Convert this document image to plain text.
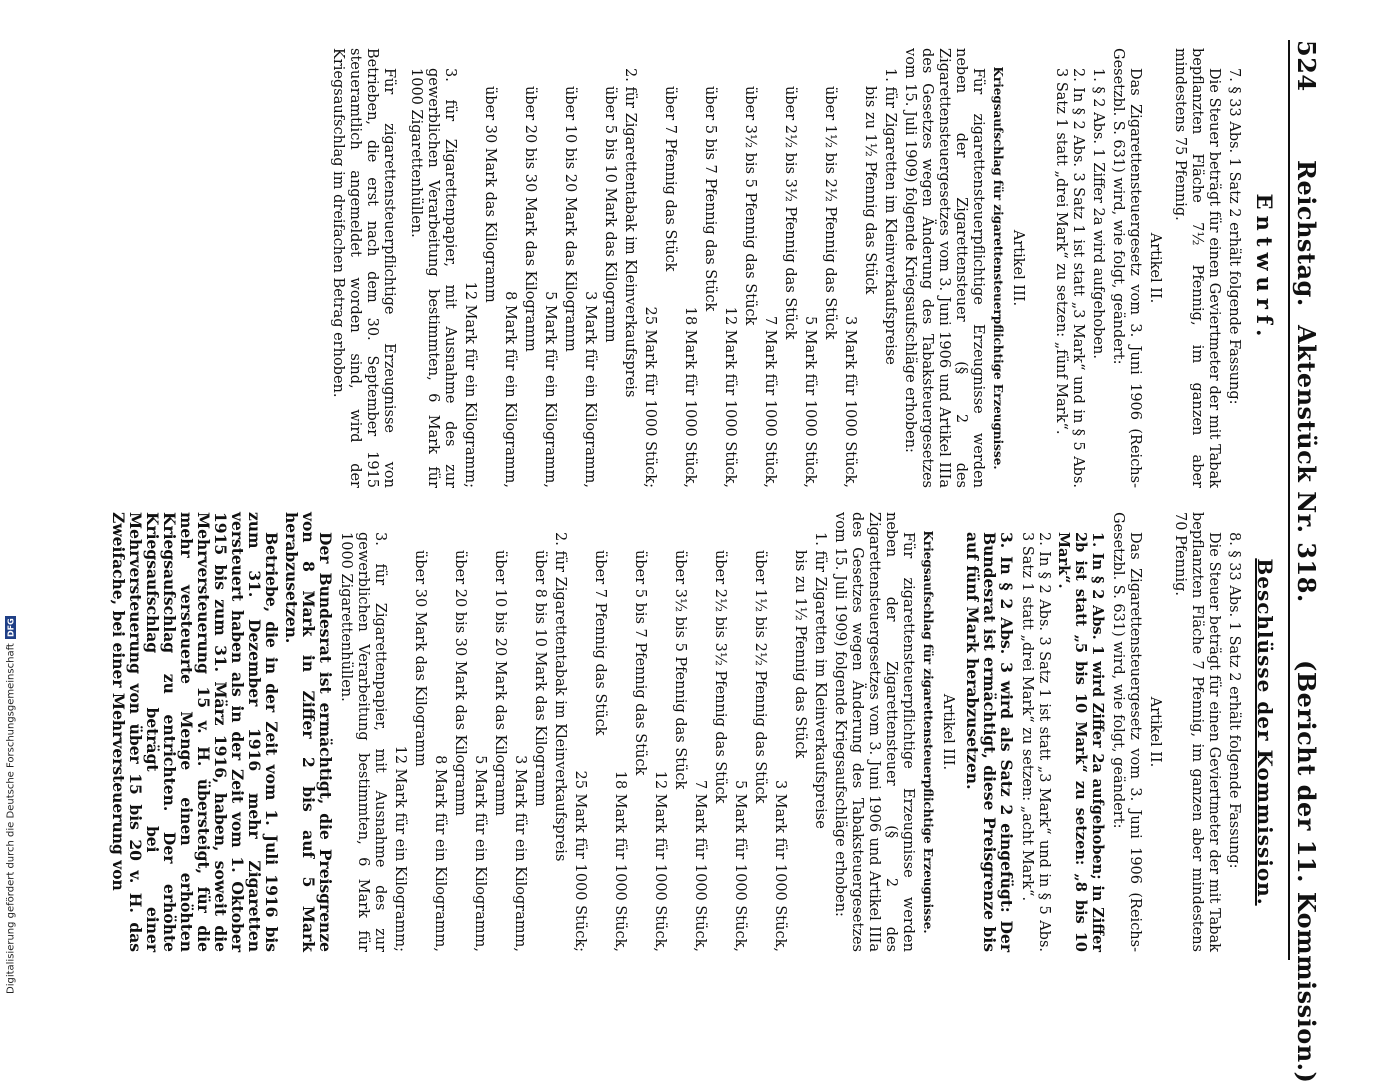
524
Reichstag.
Aktenstück Nr. 318.
(Bericht der 11. Kommission.)
Entwurf.

7. § 33 Abs. 1 Satz 2 erhält folgende Fassung:

Die Steuer beträgt für einen Geviertmeter der mit Tabak bepflanzten Fläche 7½ Pfennig, im ganzen aber mindestens 75 Pfennig.

Artikel II.

Das Zigarettensteuergesetz vom 3. Juni 1906 (Reichs-Gesetzbl. S. 631) wird, wie folgt, geändert:

1. § 2 Abs. 1 Ziffer 2a wird aufgehoben.

2. In § 2 Abs. 3 Satz 1 ist statt „3 Mark“ und in § 5 Abs. 3 Satz 1 statt „drei Mark“ zu setzen: „fünf Mark“.

Artikel III.

Kriegsaufschlag für zigarettensteuerpflichtige Erzeugnisse.

Für zigarettensteuerpflichtige Erzeugnisse werden neben der Zigarettensteuer (§ 2 des Zigarettensteuergesetzes vom 3. Juni 1906 und Artikel IIIa des Gesetzes wegen Änderung des Tabaksteuergesetzes vom 15. Juli 1909) folgende Kriegsaufschläge erhoben:

1. für Zigaretten im Kleinverkaufspreise

bis zu 1½ Pfennig das Stück

3 Mark für 1000 Stück,

über 1½ bis 2½ Pfennig das Stück

5 Mark für 1000 Stück,

über 2½ bis 3½ Pfennig das Stück

7 Mark für 1000 Stück,

über 3½ bis 5 Pfennig das Stück

12 Mark für 1000 Stück,

über 5 bis 7 Pfennig das Stück

18 Mark für 1000 Stück,

über 7 Pfennig das Stück

25 Mark für 1000 Stück;

2. für Zigarettentabak im Kleinverkaufspreis

über 5 bis 10 Mark das Kilogramm

3 Mark für ein Kilogramm,

über 10 bis 20 Mark das Kilogramm

5 Mark für ein Kilogramm,

über 20 bis 30 Mark das Kilogramm

8 Mark für ein Kilogramm,

über 30 Mark das Kilogramm

12 Mark für ein Kilogramm;

3. für Zigarettenpapier, mit Ausnahme des zur gewerblichen Verarbeitung bestimmten, 6 Mark für 1000 Zigarettenhüllen.

Für zigarettensteuerpflichtige Erzeugnisse von Betrieben, die erst nach dem 30. September 1915 steueramtlich angemeldet worden sind, wird der Kriegsaufschlag im dreifachen Betrag erhoben.

Beschlüsse der Kommission.

8. § 33 Abs. 1 Satz 2 erhält folgende Fassung:

Die Steuer beträgt für einen Geviertmeter der mit Tabak bepflanzten Fläche 7 Pfennig, im ganzen aber mindestens 70 Pfennig.

Artikel II.

Das Zigarettensteuergesetz vom 3. Juni 1906 (Reichs-Gesetzbl. S. 631) wird, wie folgt, geändert:

1. In § 2 Abs. 1 wird Ziffer 2a aufgehoben; in Ziffer 2b ist statt „5 bis 10 Mark“ zu setzen: „8 bis 10 Mark“.

2. In § 2 Abs. 3 Satz 1 ist statt „3 Mark“ und in § 5 Abs. 3 Satz 1 statt „drei Mark“ zu setzen: „acht Mark“.

3. In § 2 Abs. 3 wird als Satz 2 eingefügt: Der Bundesrat ist ermächtigt, diese Preisgrenze bis auf fünf Mark herabzusetzen.

Artikel III.

Kriegsaufschlag für zigarettensteuerpflichtige Erzeugnisse.

Für zigarettensteuerpflichtige Erzeugnisse werden neben der Zigarettensteuer (§ 2 des Zigarettensteuergesetzes vom 3. Juni 1906 und Artikel IIIa des Gesetzes wegen Änderung des Tabaksteuergesetzes vom 15. Juli 1909) folgende Kriegsaufschläge erhoben:

1. für Zigaretten im Kleinverkaufspreise

bis zu 1½ Pfennig das Stück

3 Mark für 1000 Stück,

über 1½ bis 2½ Pfennig das Stück

5 Mark für 1000 Stück,

über 2½ bis 3½ Pfennig das Stück

7 Mark für 1000 Stück,

über 3½ bis 5 Pfennig das Stück

12 Mark für 1000 Stück,

über 5 bis 7 Pfennig das Stück

18 Mark für 1000 Stück,

über 7 Pfennig das Stück

25 Mark für 1000 Stück;

2. für Zigarettentabak im Kleinverkaufspreis

über 8 bis 10 Mark das Kilogramm

3 Mark für ein Kilogramm,

über 10 bis 20 Mark das Kilogramm

5 Mark für ein Kilogramm,

über 20 bis 30 Mark das Kilogramm

8 Mark für ein Kilogramm,

über 30 Mark das Kilogramm

12 Mark für ein Kilogramm;

3. für Zigarettenpapier, mit Ausnahme des zur gewerblichen Verarbeitung bestimmten, 6 Mark für 1000 Zigarettenhüllen.

Der Bundesrat ist ermächtigt, die Preisgrenze von 8 Mark in Ziffer 2 bis auf 5 Mark herabzusetzen.

Betriebe, die in der Zeit vom 1. Juli 1916 bis zum 31. Dezember 1916 mehr Zigaretten versteuert haben als in der Zeit vom 1. Oktober 1915 bis zum 31. März 1916, haben, soweit die Mehrversteuerung 15 v. H. übersteigt, für die mehr versteuerte Menge einen erhöhten Kriegsaufschlag zu entrichten. Der erhöhte Kriegsaufschlag beträgt bei einer Mehrversteuerung von über 15 bis 20 v. H. das Zweifache, bei einer Mehrversteuerung von

Digitalisierung gefördert durch die Deutsche Forschungsgemeinschaft
DFG
